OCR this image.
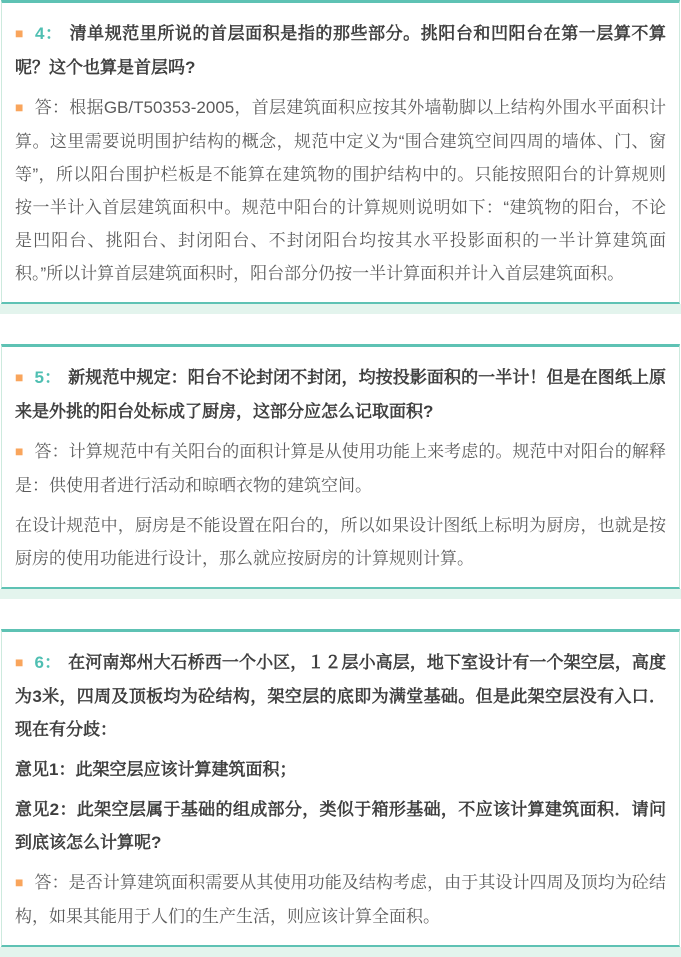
■ 4： 清单规范里所说的首层面积是指的那些部分。挑阳台和凹阳台在第一层算不算呢？这个也算是首层吗?

■ 答：根据GB/T50353-2005，首层建筑面积应按其外墙勒脚以上结构外围水平面积计算。这里需要说明围护结构的概念，规范中定义为“围合建筑空间四周的墙体、门、窗等”，所以阳台围护栏板是不能算在建筑物的围护结构中的。只能按照阳台的计算规则按一半计入首层建筑面积中。规范中阳台的计算规则说明如下：“建筑物的阳台，不论是凹阳台、挑阳台、封闭阳台、不封闭阳台均按其水平投影面积的一半计算建筑面积。”所以计算首层建筑面积时，阳台部分仍按一半计算面积并计入首层建筑面积。

■ 5： 新规范中规定：阳台不论封闭不封闭，均按投影面积的一半计！但是在图纸上原来是外挑的阳台处标成了厨房，这部分应怎么记取面积?

■ 答：计算规范中有关阳台的面积计算是从使用功能上来考虑的。规范中对阳台的解释是：供使用者进行活动和晾晒衣物的建筑空间。

在设计规范中，厨房是不能设置在阳台的，所以如果设计图纸上标明为厨房，也就是按厨房的使用功能进行设计，那么就应按厨房的计算规则计算。

■ 6： 在河南郑州大石桥西一个小区，１２层小高层，地下室设计有一个架空层，高度为3米，四周及顶板均为砼结构，架空层的底即为满堂基础。但是此架空层没有入口．现在有分歧：

意见1：此架空层应该计算建筑面积；

意见2：此架空层属于基础的组成部分，类似于箱形基础，不应该计算建筑面积．请问到底该怎么计算呢?

■ 答：是否计算建筑面积需要从其使用功能及结构考虑，由于其设计四周及顶均为砼结构，如果其能用于人们的生产生活，则应该计算全面积。
